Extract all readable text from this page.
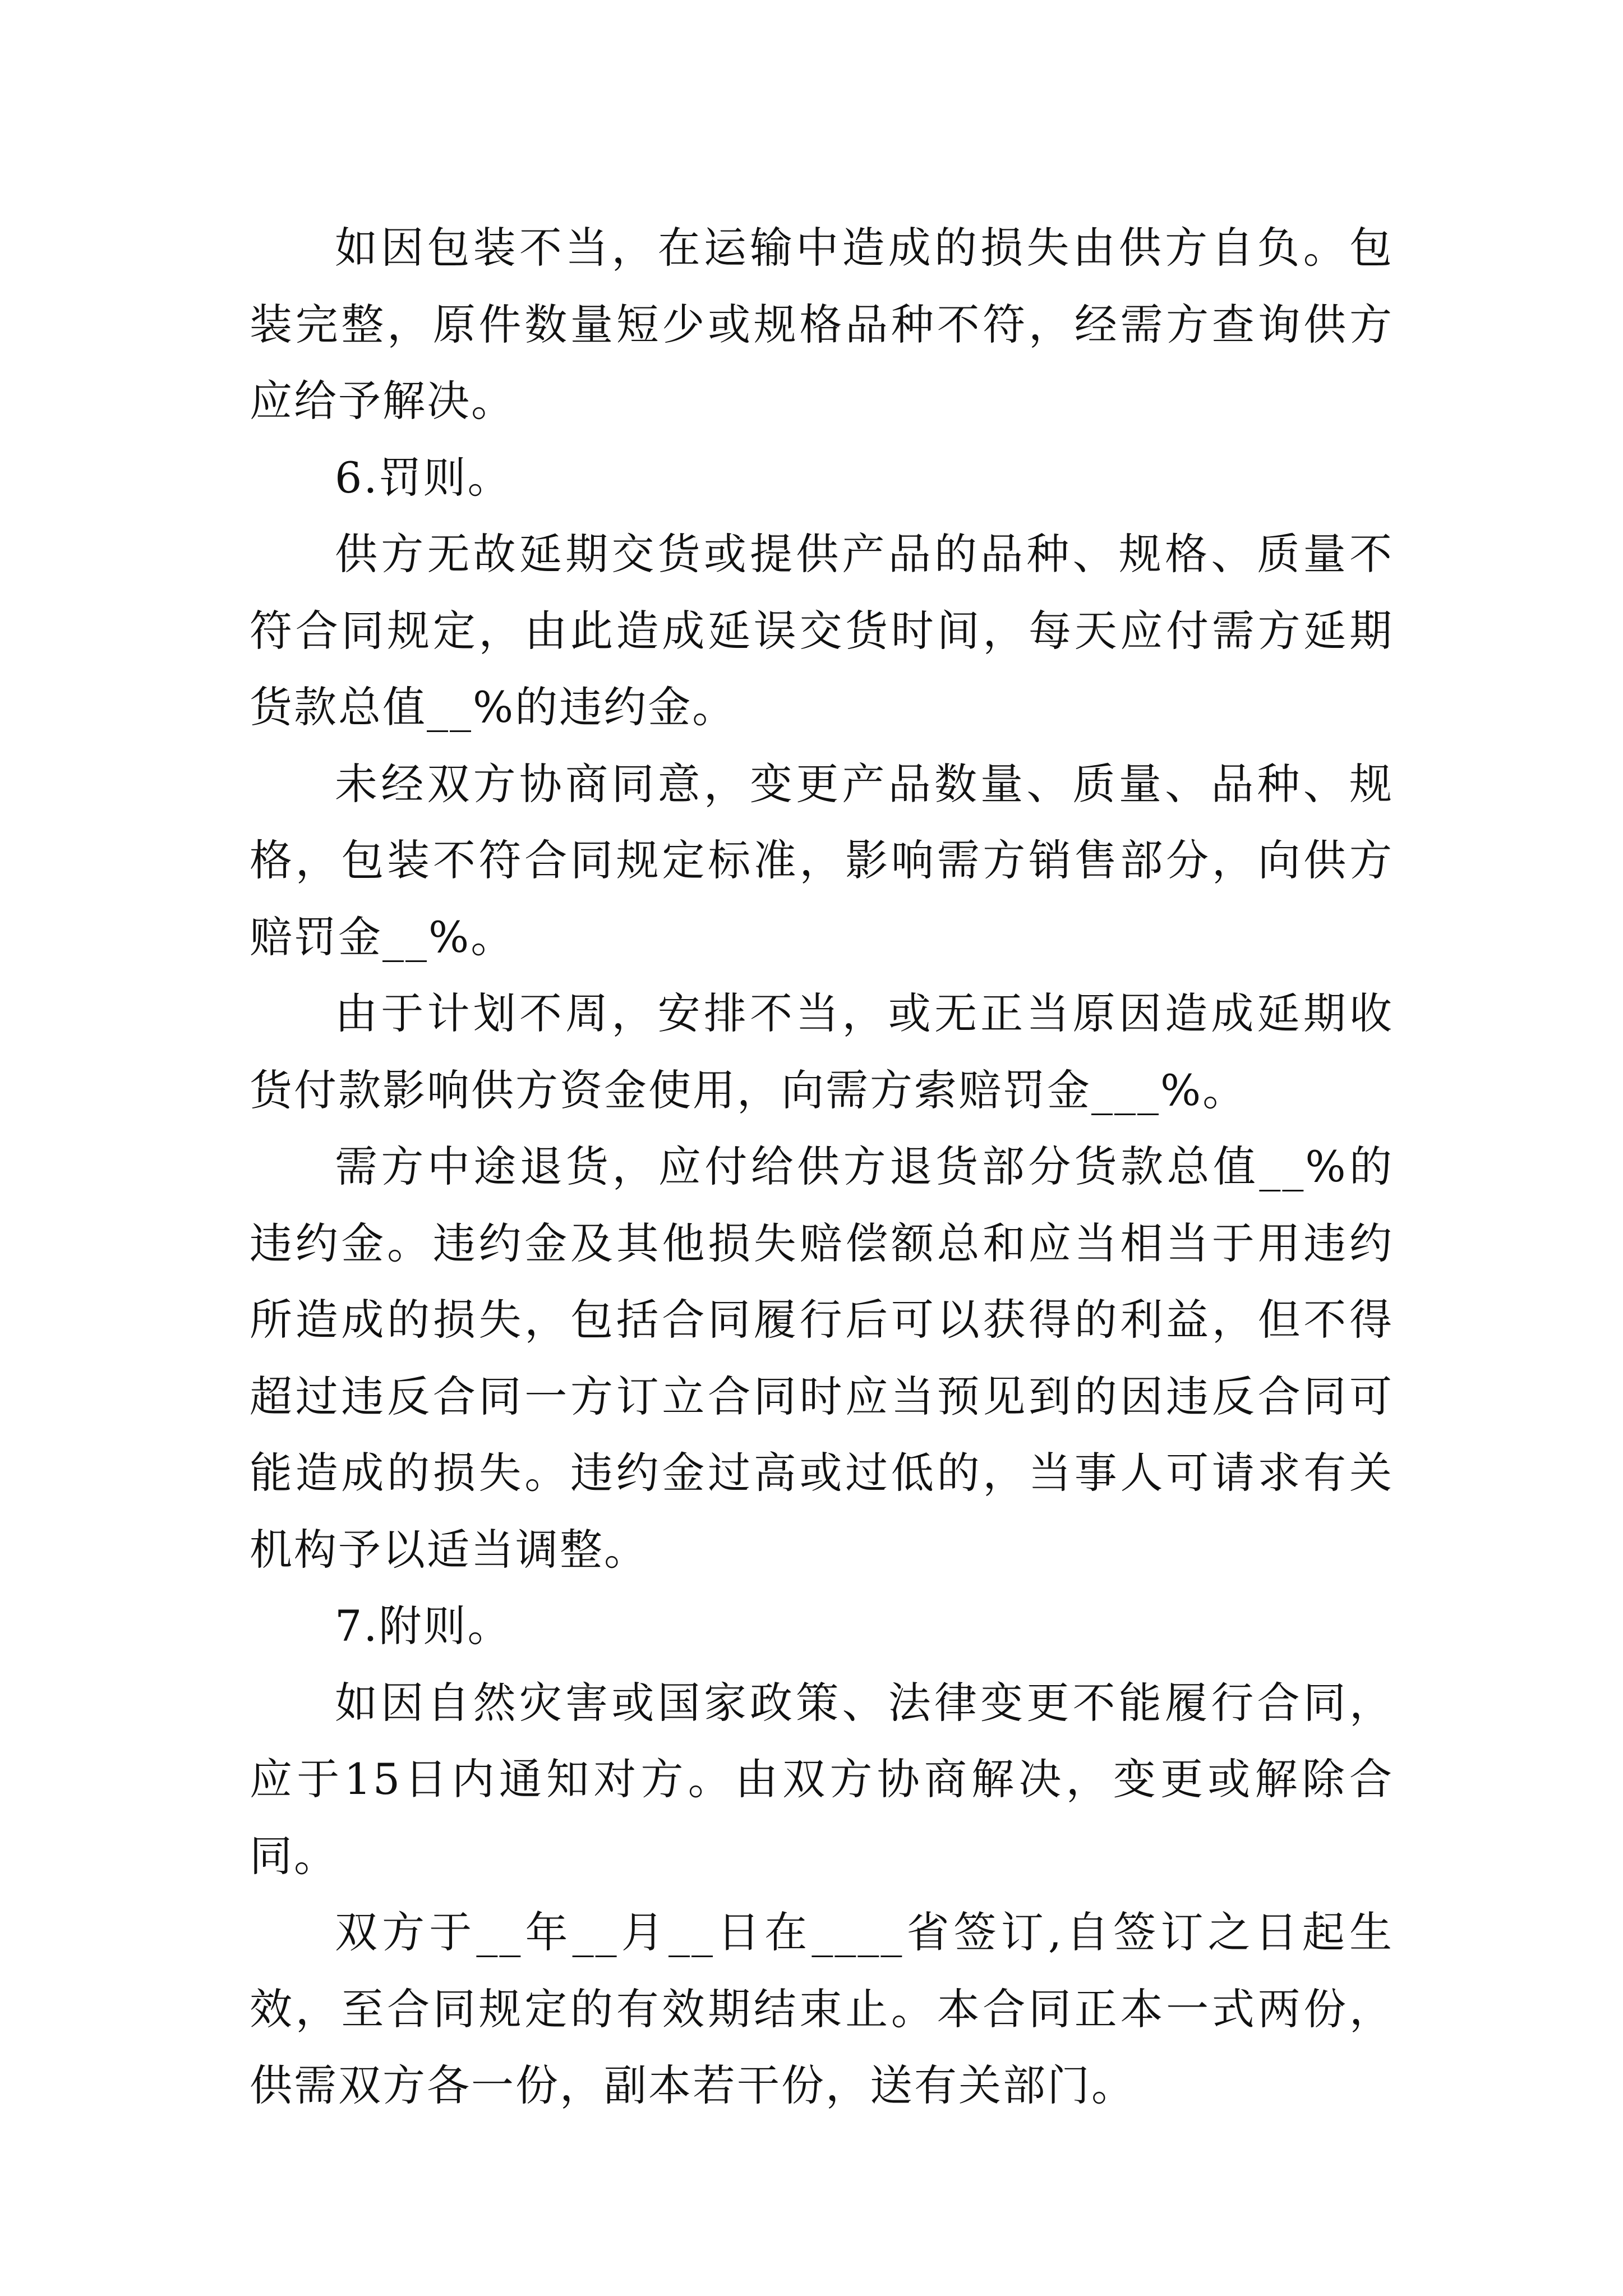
如因包装不当，在运输中造成的损失由供方自负。包装完整，原件数量短少或规格品种不符，经需方查询供方应给予解决。

6.罚则。

供方无故延期交货或提供产品的品种、规格、质量不符合同规定，由此造成延误交货时间，每天应付需方延期货款总值__%的违约金。

未经双方协商同意，变更产品数量、质量、品种、规格，包装不符合同规定标准，影响需方销售部分，向供方赔罚金__%。

由于计划不周，安排不当，或无正当原因造成延期收货付款影响供方资金使用，向需方索赔罚金___%。

需方中途退货，应付给供方退货部分货款总值__%的违约金。违约金及其他损失赔偿额总和应当相当于用违约所造成的损失，包括合同履行后可以获得的利益，但不得超过违反合同一方订立合同时应当预见到的因违反合同可能造成的损失。违约金过高或过低的，当事人可请求有关机构予以适当调整。

7.附则。

如因自然灾害或国家政策、法律变更不能履行合同，应于15日内通知对方。由双方协商解决，变更或解除合同。

双方于__年__月__日在____省签订,自签订之日起生效，至合同规定的有效期结束止。本合同正本一式两份，供需双方各一份，副本若干份，送有关部门。
